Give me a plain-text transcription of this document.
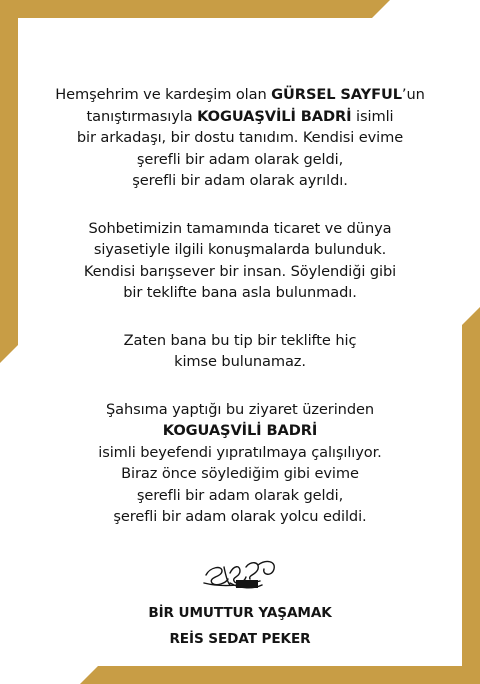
Hemşehrim ve kardeşim olan GÜRSEL SAYFUL’un
tanıştırmasıyla KOGUAŞVİLİ BADRİ isimli
bir arkadaşı, bir dostu tanıdım. Kendisi evime
şerefli bir adam olarak geldi,
şerefli bir adam olarak ayrıldı.
Sohbetimizin tamamında ticaret ve dünya
siyasetiyle ilgili konuşmalarda bulunduk.
Kendisi barışsever bir insan. Söylendiği gibi
bir teklifte bana asla bulunmadı.
Zaten bana bu tip bir teklifte hiç
kimse bulunamaz.
Şahsıma yaptığı bu ziyaret üzerinden
KOGUAŞVİLİ BADRİ
isimli beyefendi yıpratılmaya çalışılıyor.
Biraz önce söylediğim gibi evime
şerefli bir adam olarak geldi,
şerefli bir adam olarak yolcu edildi.
BİR UMUTTUR YAŞAMAK
REİS SEDAT PEKER
